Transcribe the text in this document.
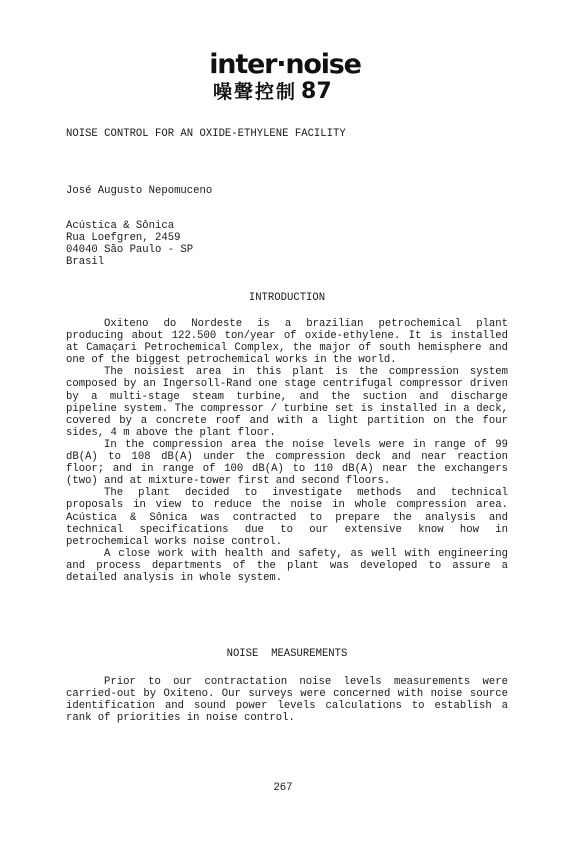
inter·noise
噪聲控制 87
NOISE CONTROL FOR AN OXIDE-ETHYLENE FACILITY
José Augusto Nepomuceno
Acústica & Sônica
Rua Loefgren, 2459
04040 São Paulo - SP
Brasil
INTRODUCTION

Oxiteno do Nordeste is a brazilian petrochemical plant producing about 122.500 ton/year of oxide-ethylene. It is installed at Camaçari Petrochemical Complex, the major of south hemisphere and one of the biggest petrochemical works in the world.

The noisiest area in this plant is the compression system composed by an Ingersoll-Rand one stage centrifugal compressor driven by a multi-stage steam turbine, and the suction and discharge pipeline system. The compressor / turbine set is installed in a deck, covered by a concrete roof and with a light partition on the four sides, 4 m above the plant floor.

In the compression area the noise levels were in range of 99 dB(A) to 108 dB(A) under the compression deck and near reaction floor; and in range of 100 dB(A) to 110 dB(A) near the exchangers (two) and at mixture-tower first and second floors.

The plant decided to investigate methods and technical proposals in view to reduce the noise in whole compression area. Acústica & Sônica was contracted to prepare the analysis and technical specifications due to our extensive know how in petrochemical works noise control.

A close work with health and safety, as well with engineering and process departments of the plant was developed to assure a detailed analysis in whole system.

NOISE  MEASUREMENTS

Prior to our contractation noise levels measurements were carried-out by Oxiteno. Our surveys were concerned with noise source identification and sound power levels calculations to establish a rank of priorities in noise control.

267
